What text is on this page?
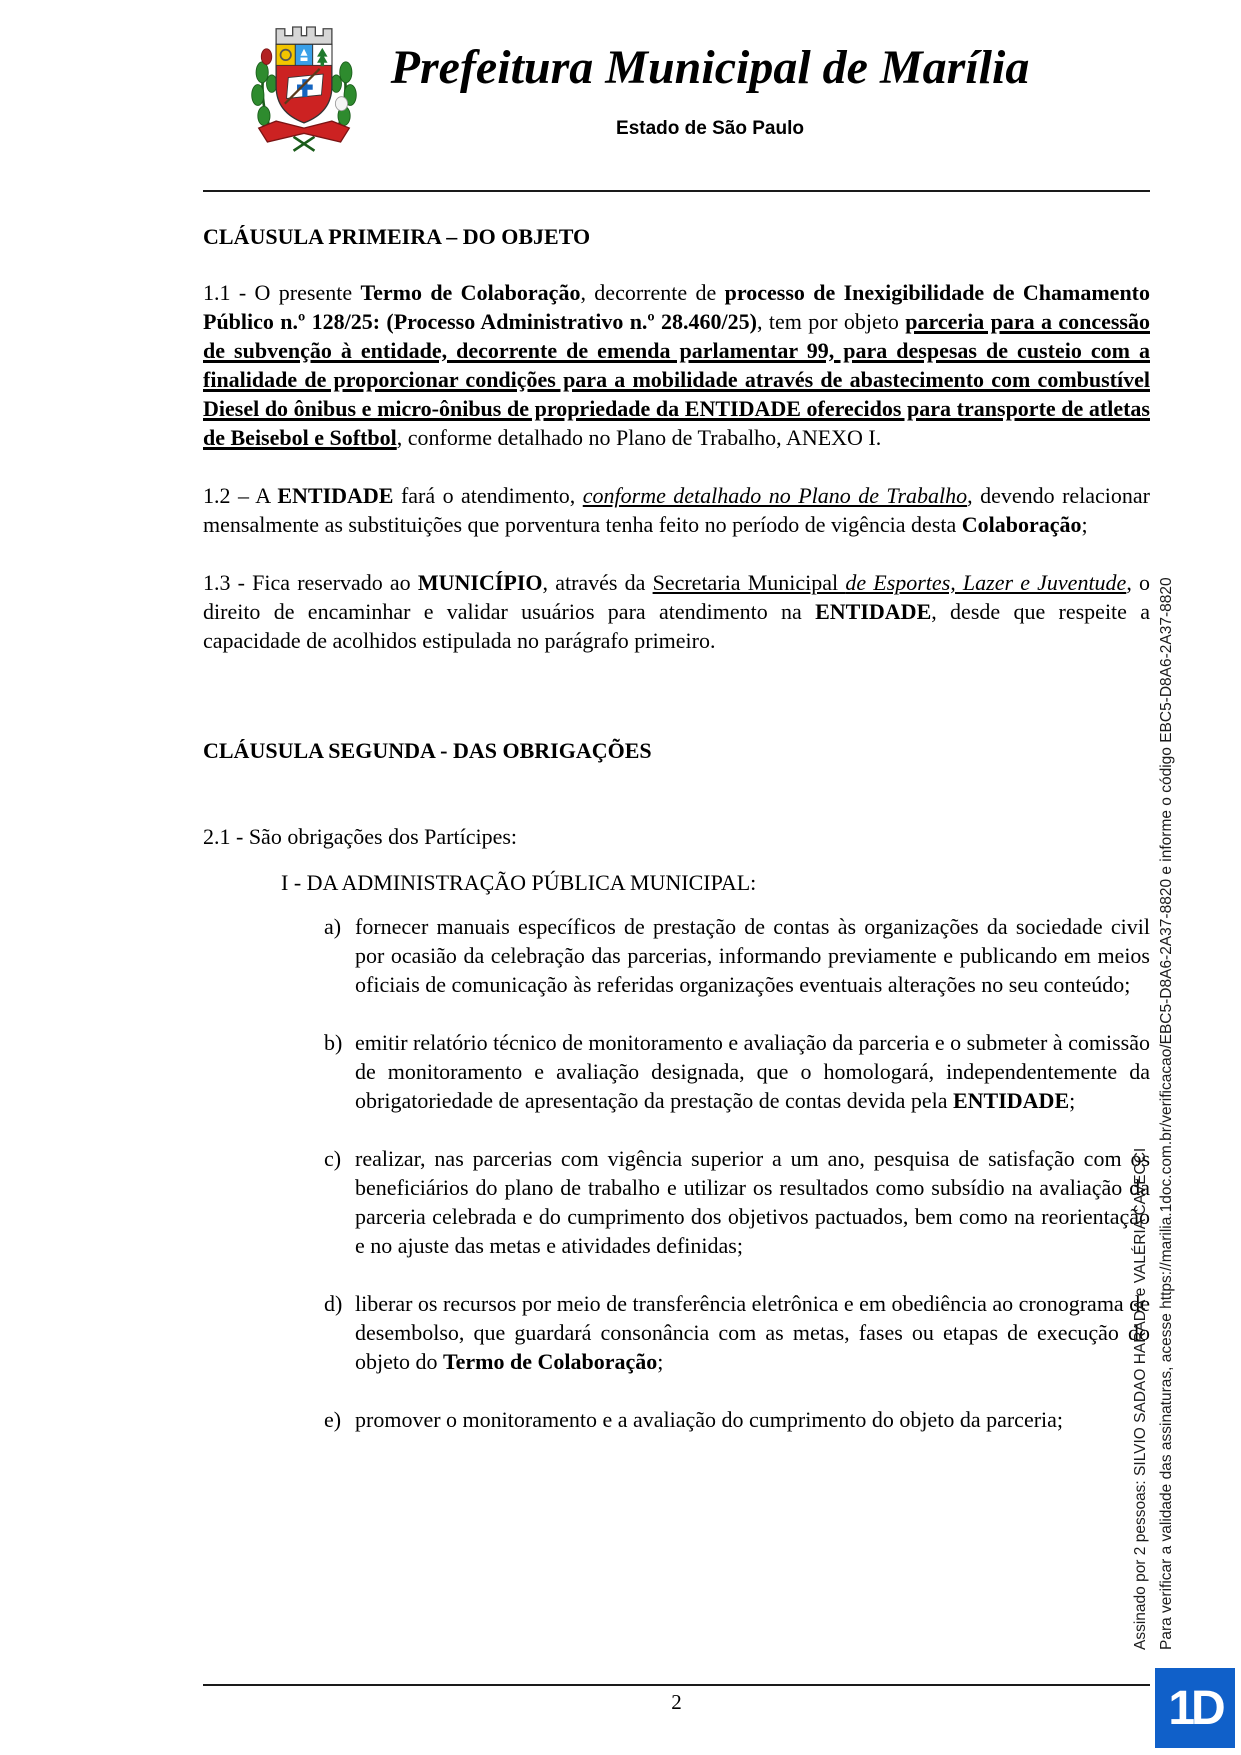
Prefeitura Municipal de Marília
Estado de São Paulo
CLÁUSULA PRIMEIRA – DO OBJETO

1.1 - O presente Termo de Colaboração, decorrente de processo de Inexigibilidade de Chamamento Público n.º 128/25: (Processo Administrativo n.º 28.460/25), tem por objeto parceria para a concessão de subvenção à entidade, decorrente de emenda parlamentar 99, para despesas de custeio com a finalidade de proporcionar condições para a mobilidade através de abastecimento com combustível Diesel do ônibus e micro-ônibus de propriedade da ENTIDADE oferecidos para transporte de atletas de Beisebol e Softbol, conforme detalhado no Plano de Trabalho, ANEXO I.

1.2 – A ENTIDADE fará o atendimento, conforme detalhado no Plano de Trabalho, devendo relacionar mensalmente as substituições que porventura tenha feito no período de vigência desta Colaboração;

1.3 - Fica reservado ao MUNICÍPIO, através da Secretaria Municipal de Esportes, Lazer e Juventude, o direito de encaminhar e validar usuários para atendimento na ENTIDADE, desde que respeite a capacidade de acolhidos estipulada no parágrafo primeiro.

CLÁUSULA SEGUNDA - DAS OBRIGAÇÕES

2.1 - São obrigações dos Partícipes:

I - DA ADMINISTRAÇÃO PÚBLICA MUNICIPAL:

a) fornecer manuais específicos de prestação de contas às organizações da sociedade civil por ocasião da celebração das parcerias, informando previamente e publicando em meios oficiais de comunicação às referidas organizações eventuais alterações no seu conteúdo;

b) emitir relatório técnico de monitoramento e avaliação da parceria e o submeter à comissão de monitoramento e avaliação designada, que o homologará, independentemente da obrigatoriedade de apresentação da prestação de contas devida pela ENTIDADE;

c) realizar, nas parcerias com vigência superior a um ano, pesquisa de satisfação com os beneficiários do plano de trabalho e utilizar os resultados como subsídio na avaliação da parceria celebrada e do cumprimento dos objetivos pactuados, bem como na reorientação e no ajuste das metas e atividades definidas;

d) liberar os recursos por meio de transferência eletrônica e em obediência ao cronograma de desembolso, que guardará consonância com as metas, fases ou etapas de execução do objeto do Termo de Colaboração;

e) promover o monitoramento e a avaliação do cumprimento do objeto da parceria;	Assinado por 2 pessoas: SILVIO SADAO HARADA e VALÉRIA CAVECCI Para verificar a validade das assinaturas, acesse https://marilia.1doc.com.br/verificacao/EBC5-D8A6-2A37-8820 e informe o código EBC5-D8A6-2A37-8820
2	1D
